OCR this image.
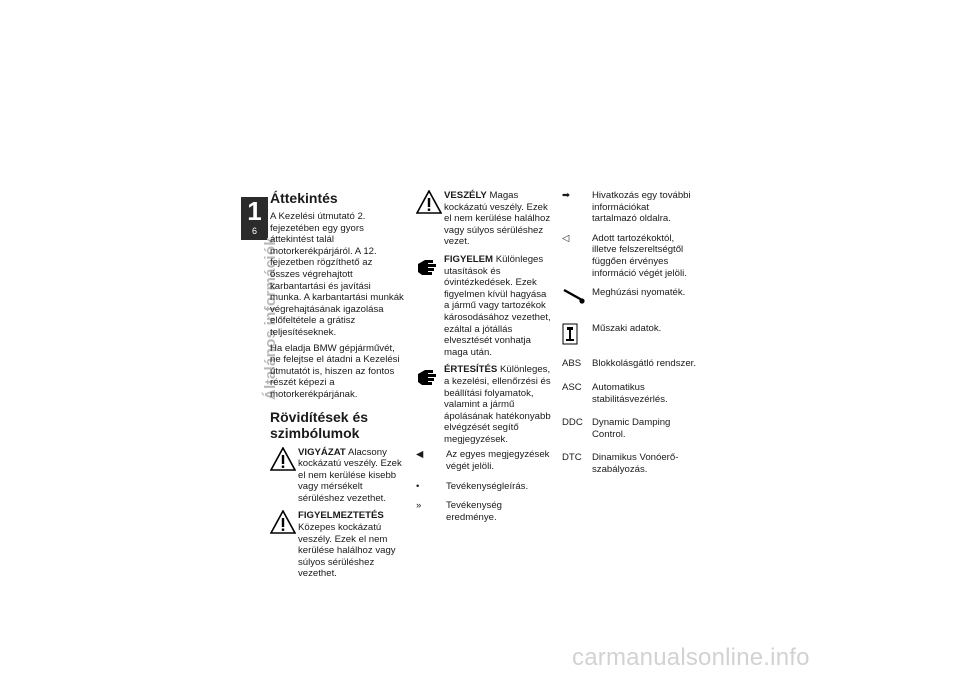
1
6
Általános információk
Áttekintés

A Kezelési útmutató 2. fejezetében egy gyors áttekintést talál motorkerékpárjáról. A 12. fejezetben rögzíthető az összes végrehajtott karbantartási és javítási munka. A karbantartási munkák végrehajtásának igazolása előfeltétele a grátisz teljesítéseknek.

Ha eladja BMW gépjárművét, ne felejtse el átadni a Kezelési útmutatót is, hiszen az fontos részét képezi a motorkerékpárjának.

Rövidítések és szimbólumok
VIGYÁZAT Alacsony kockázatú veszély. Ezek el nem kerülése kisebb vagy mérsékelt sérüléshez vezethet.
FIGYELMEZTETÉS Közepes kockázatú veszély. Ezek el nem kerülése halálhoz vagy súlyos sérüléshez vezethet.
VESZÉLY Magas kockázatú veszély. Ezek el nem kerülése halálhoz vagy súlyos sérüléshez vezet.
FIGYELEM Különleges utasítások és óvintézkedések. Ezek figyelmen kívül hagyása a jármű vagy tartozékok károsodásához vezethet, ezáltal a jótállás elvesztését vonhatja maga után.
ÉRTESÍTÉS Különleges, a kezelési, ellenőrzési és beállítási folyamatok, valamint a jármű ápolásának hatékonyabb elvégzését segítő megjegyzések.
◀	Az egyes megjegyzések végét jelöli.
•	Tevékenységleírás.
»	Tevékenység eredménye.
➡	Hivatkozás egy további információkat tartalmazó oldalra.
◁	Adott tartozékoktól, illetve felszereltségtől függően érvényes információ végét jelöli.
Meghúzási nyomaték.
Műszaki adatok.
ABS	Blokkolásgátló rendszer.
ASC	Automatikus stabilitásvezérlés.
DDC Dynamic Damping Control.
DTC	Dinamikus Vonóerő-szabályozás.
carmanualsonline.info
